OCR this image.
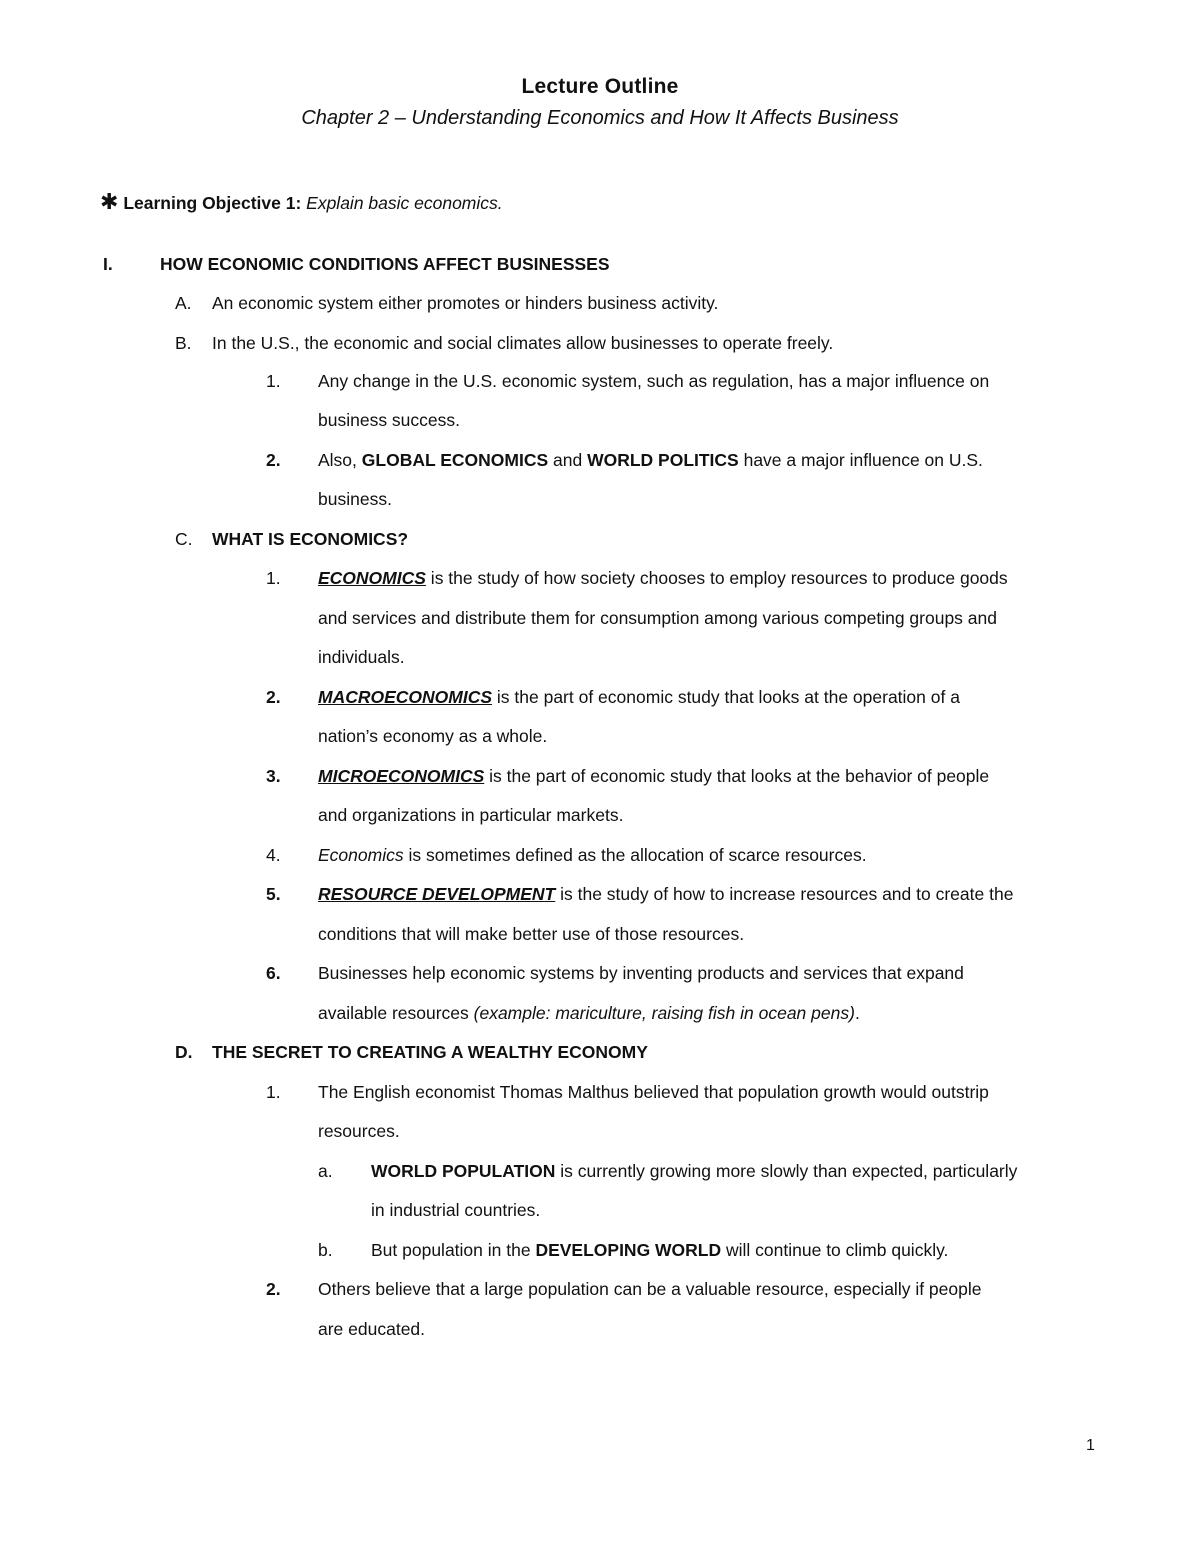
Lecture Outline
Chapter 2 – Understanding Economics and How It Affects Business
✱ Learning Objective 1: Explain basic economics.
I.	HOW ECONOMIC CONDITIONS AFFECT BUSINESSES
A. An economic system either promotes or hinders business activity.
B. In the U.S., the economic and social climates allow businesses to operate freely.
1. Any change in the U.S. economic system, such as regulation, has a major influence on
business success.
2. Also, GLOBAL ECONOMICS and WORLD POLITICS have a major influence on U.S.
business.
C. WHAT IS ECONOMICS?
1. ECONOMICS is the study of how society chooses to employ resources to produce goods
and services and distribute them for consumption among various competing groups and
individuals.
2. MACROECONOMICS is the part of economic study that looks at the operation of a
nation’s economy as a whole.
3. MICROECONOMICS is the part of economic study that looks at the behavior of people
and organizations in particular markets.
4. Economics is sometimes defined as the allocation of scarce resources.
5. RESOURCE DEVELOPMENT is the study of how to increase resources and to create the
conditions that will make better use of those resources.
6. Businesses help economic systems by inventing products and services that expand
available resources (example: mariculture, raising fish in ocean pens).
D. THE SECRET TO CREATING A WEALTHY ECONOMY
1. The English economist Thomas Malthus believed that population growth would outstrip
resources.
a. WORLD POPULATION is currently growing more slowly than expected, particularly
in industrial countries.
b. But population in the DEVELOPING WORLD will continue to climb quickly.
2. Others believe that a large population can be a valuable resource, especially if people
are educated.
1
